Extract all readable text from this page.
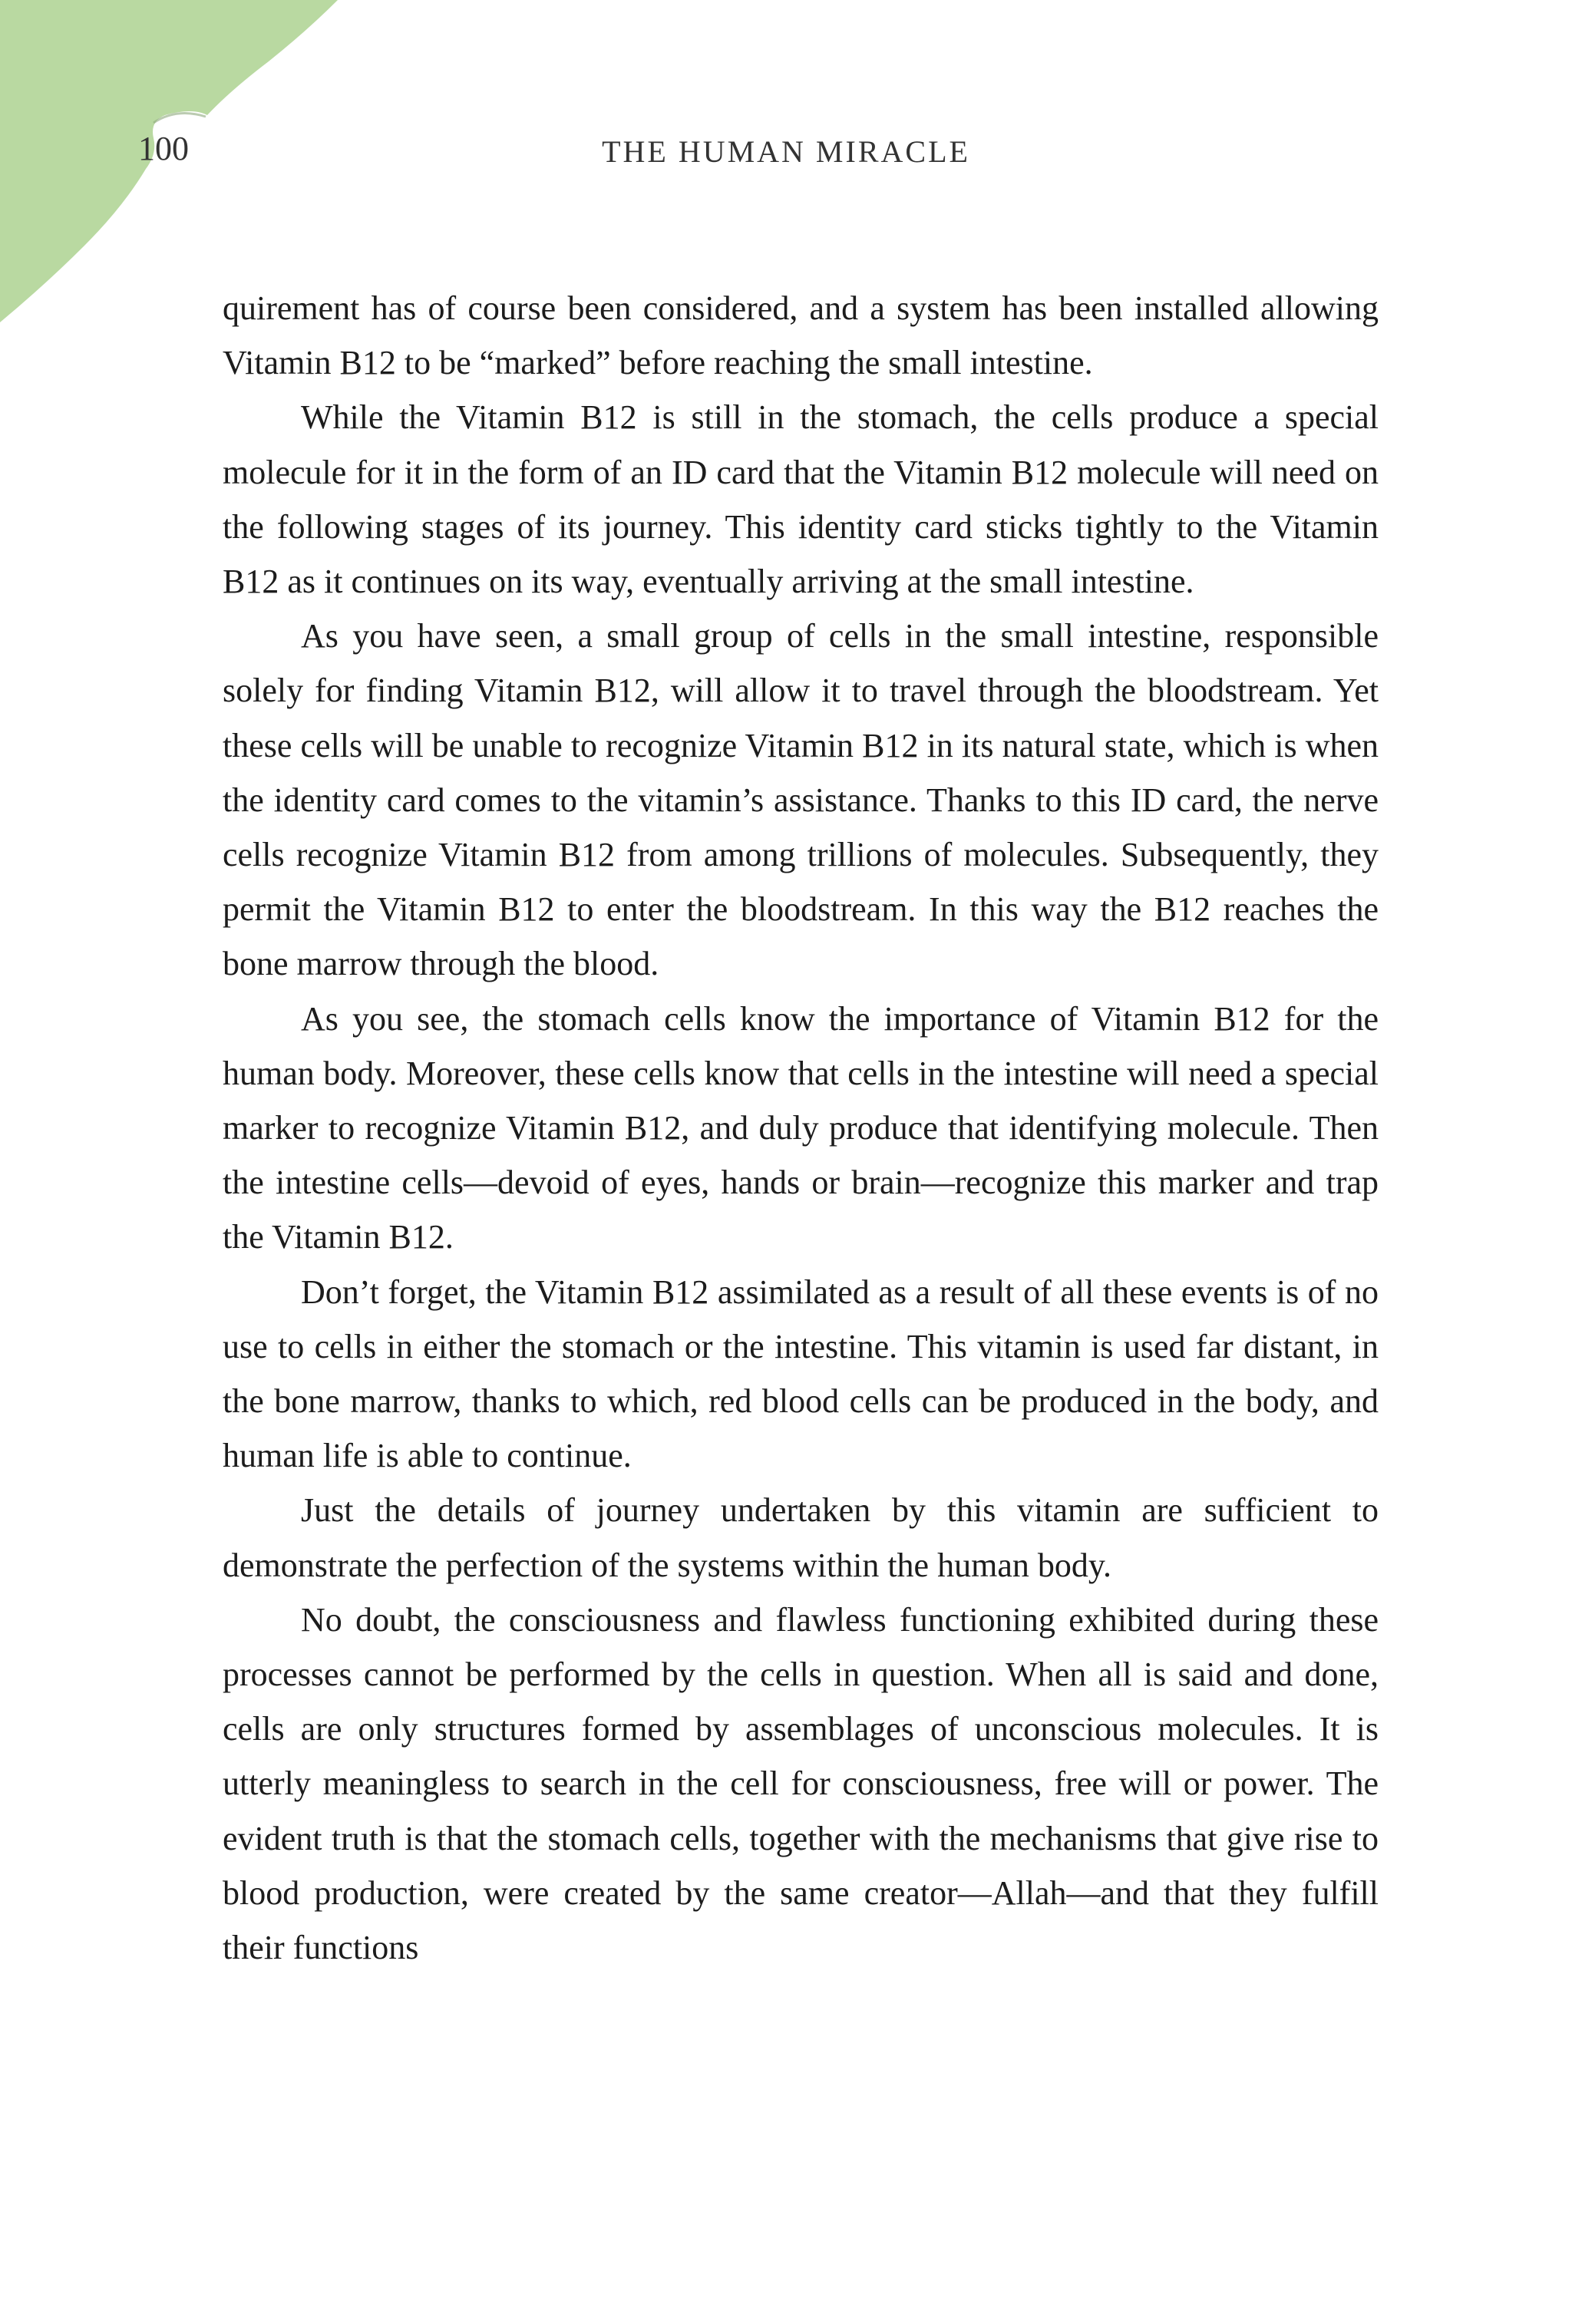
100	THE HUMAN MIRACLE

quirement has of course been considered, and a system has been installed allowing Vitamin B12 to be “marked” before reaching the small intestine.

While the Vitamin B12 is still in the stomach, the cells produce a special molecule for it in the form of an ID card that the Vitamin B12 molecule will need on the following stages of its journey. This identity card sticks tightly to the Vitamin B12 as it continues on its way, eventually arriving at the small intestine.

As you have seen, a small group of cells in the small intestine, responsible solely for finding Vitamin B12, will allow it to travel through the bloodstream. Yet these cells will be unable to recognize Vitamin B12 in its natural state, which is when the identity card comes to the vitamin’s assistance. Thanks to this ID card, the nerve cells recognize Vitamin B12 from among trillions of molecules. Subsequently, they permit the Vitamin B12 to enter the bloodstream. In this way the B12 reaches the bone marrow through the blood.

As you see, the stomach cells know the importance of Vitamin B12 for the human body. Moreover, these cells know that cells in the intestine will need a special marker to recognize Vitamin B12, and duly produce that identifying molecule. Then the intestine cells—devoid of eyes, hands or brain—recognize this marker and trap the Vitamin B12.

Don’t forget, the Vitamin B12 assimilated as a result of all these events is of no use to cells in either the stomach or the intestine. This vitamin is used far distant, in the bone marrow, thanks to which, red blood cells can be produced in the body, and human life is able to continue.

Just the details of journey undertaken by this vitamin are sufficient to demonstrate the perfection of the systems within the human body.

No doubt, the consciousness and flawless functioning exhibited during these processes cannot be performed by the cells in question. When all is said and done, cells are only structures formed by assemblages of unconscious molecules. It is utterly meaningless to search in the cell for consciousness, free will or power. The evident truth is that the stomach cells, together with the mechanisms that give rise to blood production, were created by the same creator—Allah—and that they fulfill their functions
